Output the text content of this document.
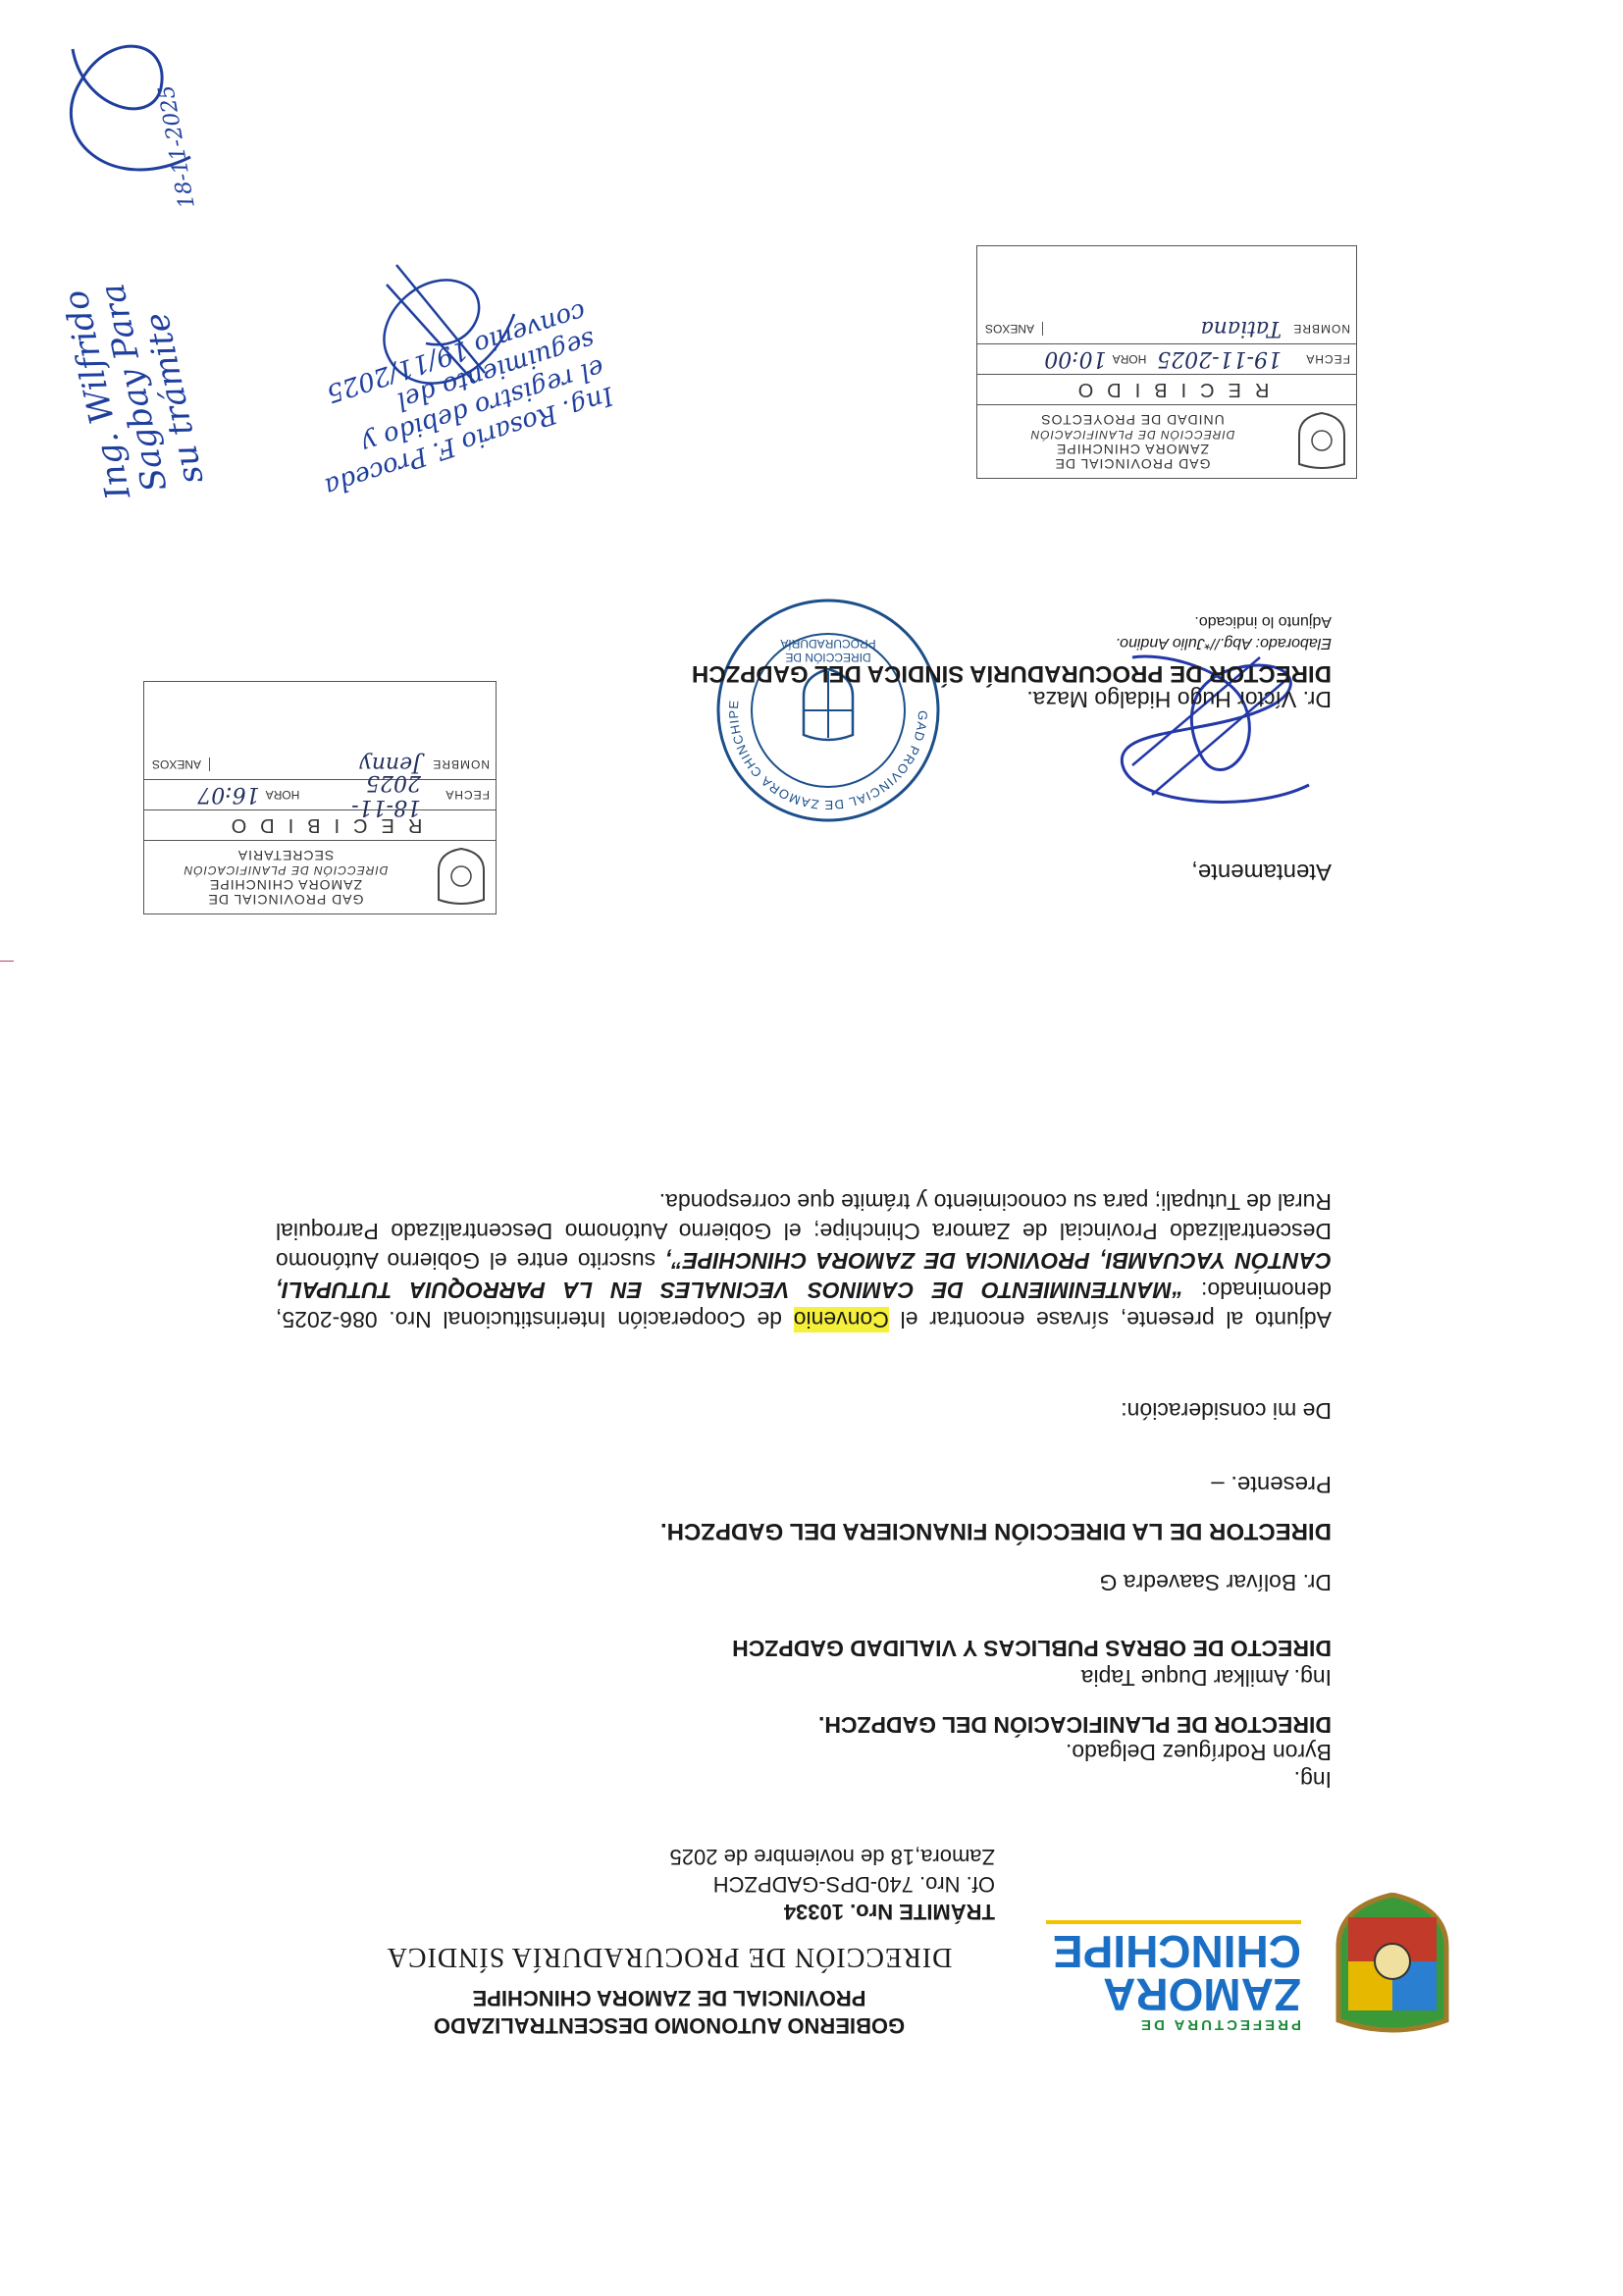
PREFECTURA DE
ZAMORA
CHINCHIPE
GOBIERNO AUTONOMO DESCENTRALIZADO
PROVINCIAL DE ZAMORA CHINCHIPE
DIRECCIÓN DE PROCURADURÍA SÍNDICA
TRÁMITE Nro. 10334
Of. Nro. 740-DPS-GADPZCH
Zamora,18 de noviembre de 2025
Ing.
Byron Rodríguez Delgado.
DIRECTOR DE PLANIFICACIÓN DEL GADPZCH.
Ing. Amilkar Duque Tapia
DIRECTO DE OBRAS PUBLICAS Y VIALIDAD GADPZCH
Dr. Bolívar Saavedra G
DIRECTOR DE LA DIRECCIÓN FINANCIERA DEL GADPZCH.
Presente. –
De mi consideración:
Adjunto al presente, sírvase encontrar el Convenio de Cooperación Interinstitucional Nro. 086-2025, denominado: “MANTENIMIENTO DE CAMINOS VECINALES EN LA PARROQUIA TUTUPALI, CANTÓN YACUAMBI, PROVINCIA DE ZAMORA CHINCHIPE”, suscrito entre el Gobierno Autónomo Descentralizado Provincial de Zamora Chinchipe; el Gobierno Autónomo Descentralizado Parroquial Rural de Tutupali; para su conocimiento y trámite que corresponda.
Atentamente,
GAD PROVINCIAL DE ZAMORA CHINCHIPE
DIRECCIÓN DE
PROCURADURÍA
Dr. Víctor Hugo Hidalgo Maza.
DIRECTOR DE PROCURADURÍA SÍNDICA DEL GADPZCH
Elaborado: Abg.//*Julio Andino.
Adjunto lo indicado.
GAD PROVINCIAL DE
ZAMORA CHINCHIPE
DIRECCIÓN DE PLANIFICACIÓN
SECRETARIA
RECIBIDO
FECHA
18-11-2025
HORA
16:07
NOMBRE
Jenny
ANEXOS
GAD PROVINCIAL DE
ZAMORA CHINCHIPE
DIRECCIÓN DE PLANIFICACIÓN
UNIDAD DE PROYECTOS
RECIBIDO
FECHA
19-11-2025
HORA
10:00
NOMBRE
Tatiana
ANEXOS
Ing. Rosario F. Proceda el registro debido y seguimiento del convenio 19/11/2025
Ing. Wilfrido Sagbay Para su trámite
18-11-2025
